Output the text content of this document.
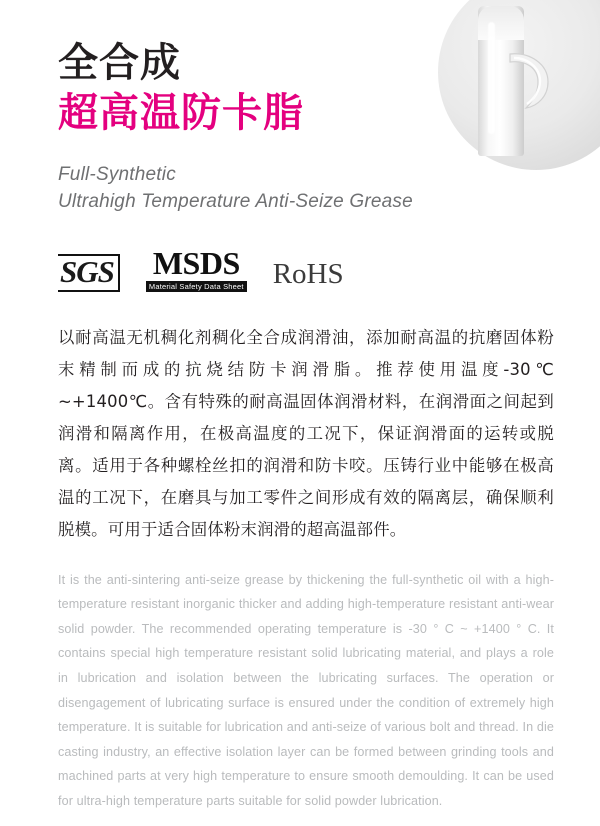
全合成
超高温防卡脂
Full-Synthetic
Ultrahigh Temperature Anti-Seize Grease
SGS MSDS
Material Safety Data Sheet RoHS

以耐高温无机稠化剂稠化全合成润滑油，添加耐高温的抗磨固体粉末精制而成的抗烧结防卡润滑脂。推荐使用温度-30℃ ~+1400℃。含有特殊的耐高温固体润滑材料，在润滑面之间起到润滑和隔离作用，在极高温度的工况下，保证润滑面的运转或脱离。适用于各种螺栓丝扣的润滑和防卡咬。压铸行业中能够在极高温的工况下，在磨具与加工零件之间形成有效的隔离层，确保顺利脱模。可用于适合固体粉末润滑的超高温部件。

It is the anti-sintering anti-seize grease by thickening the full-synthetic oil with a high-temperature resistant inorganic thicker and adding high-temperature resistant anti-wear solid powder. The recommended operating temperature is -30 ° C ~ +1400 ° C. It contains special high temperature resistant solid lubricating material, and plays a role in lubrication and isolation between the lubricating surfaces. The operation or disengagement of lubricating surface is ensured under the condition of extremely high temperature. It is suitable for lubrication and anti-seize of various bolt and thread. In die casting industry, an effective isolation layer can be formed between grinding tools and machined parts at very high temperature to ensure smooth demoulding. It can be used for ultra-high temperature parts suitable for solid powder lubrication.
